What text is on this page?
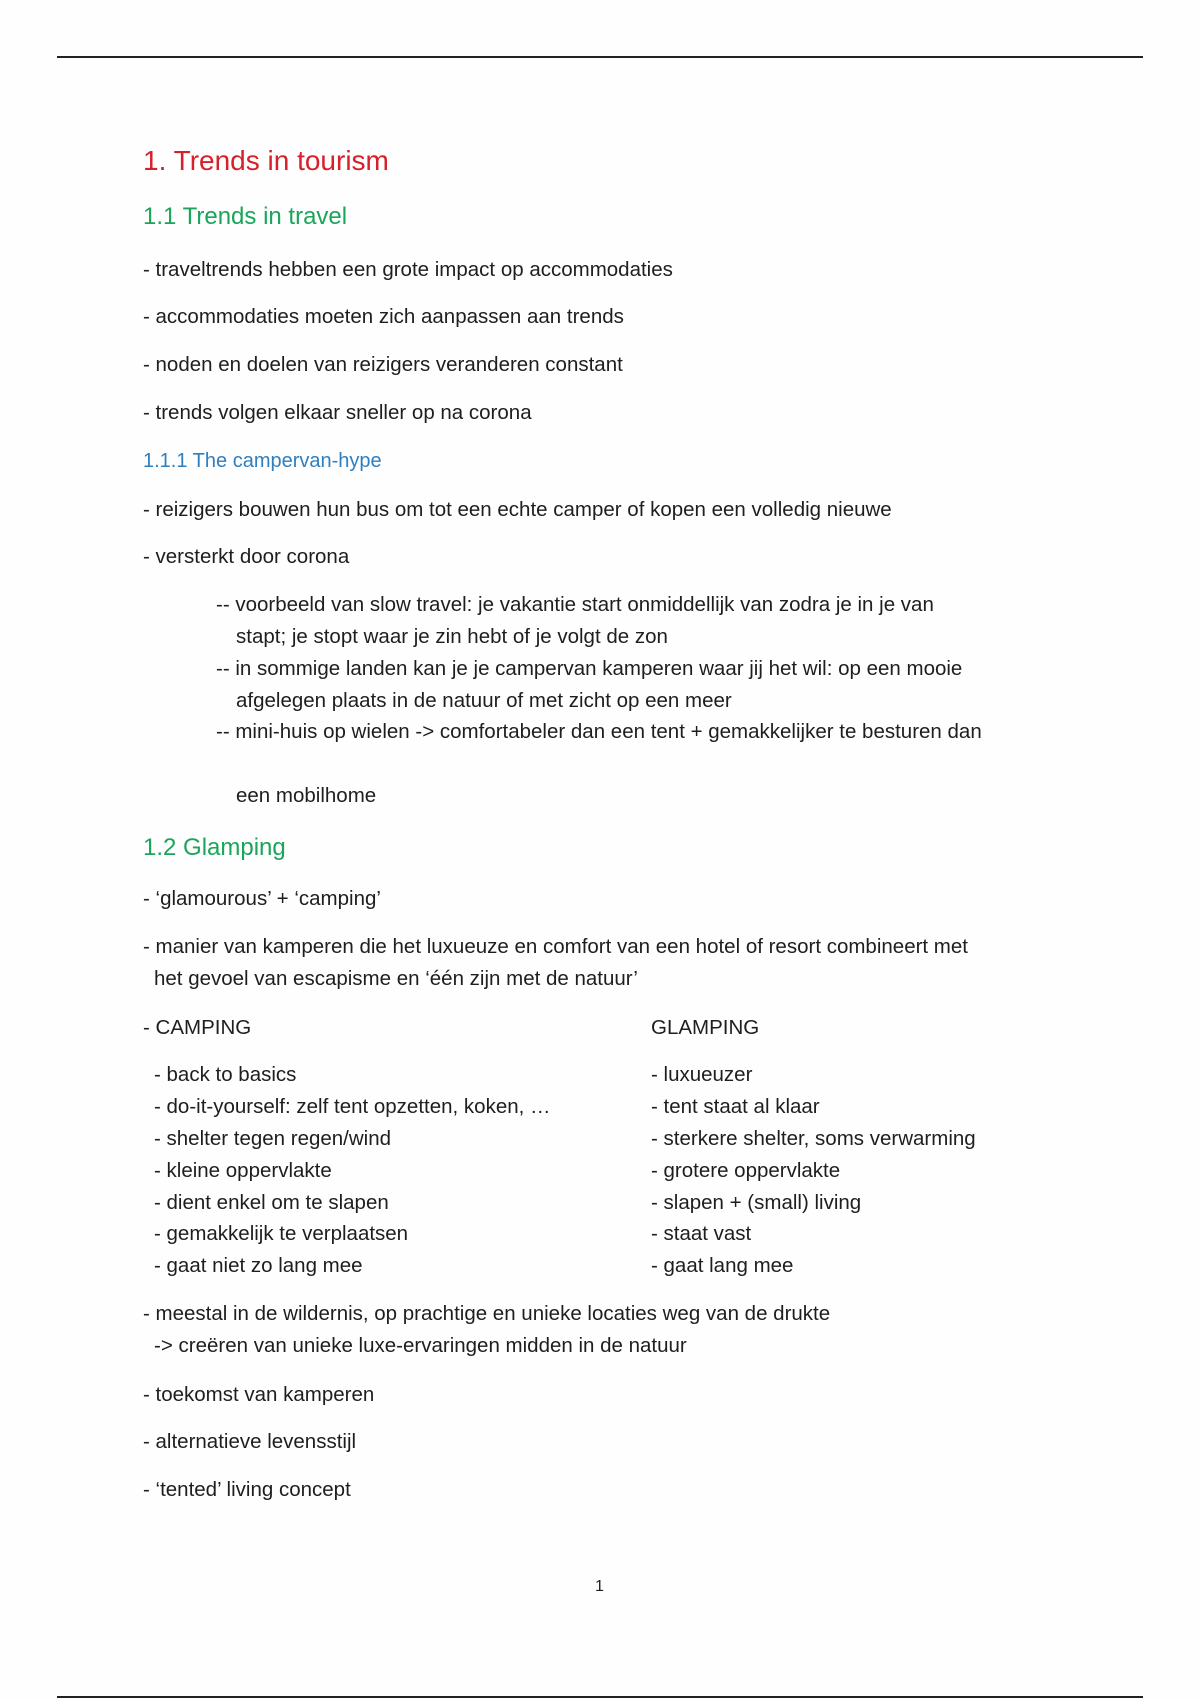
1. Trends in tourism
1.1 Trends in travel
- traveltrends hebben een grote impact op accommodaties
- accommodaties moeten zich aanpassen aan trends
- noden en doelen van reizigers veranderen constant
- trends volgen elkaar sneller op na corona
1.1.1 The campervan-hype
- reizigers bouwen hun bus om tot een echte camper of kopen een volledig nieuwe
- versterkt door corona
-- voorbeeld van slow travel: je vakantie start onmiddellijk van zodra je in je van
stapt; je stopt waar je zin hebt of je volgt de zon
-- in sommige landen kan je je campervan kamperen waar jij het wil: op een mooie
afgelegen plaats in de natuur of met zicht op een meer
-- mini-huis op wielen -> comfortabeler dan een tent + gemakkelijker te besturen dan
een mobilhome
1.2 Glamping
- ‘glamourous’ + ‘camping’
- manier van kamperen die het luxueuze en comfort van een hotel of resort combineert met
het gevoel van escapisme en ‘één zijn met de natuur’
- CAMPING	GLAMPING
- back to basics
- do-it-yourself: zelf tent opzetten, koken, …
- shelter tegen regen/wind
- kleine oppervlakte
- dient enkel om te slapen
- gemakkelijk te verplaatsen
- gaat niet zo lang mee
- luxueuzer
- tent staat al klaar
- sterkere shelter, soms verwarming
- grotere oppervlakte
- slapen + (small) living
- staat vast
- gaat lang mee
- meestal in de wildernis, op prachtige en unieke locaties weg van de drukte
-> creëren van unieke luxe-ervaringen midden in de natuur
- toekomst van kamperen
- alternatieve levensstijl
- ‘tented’ living concept
1
